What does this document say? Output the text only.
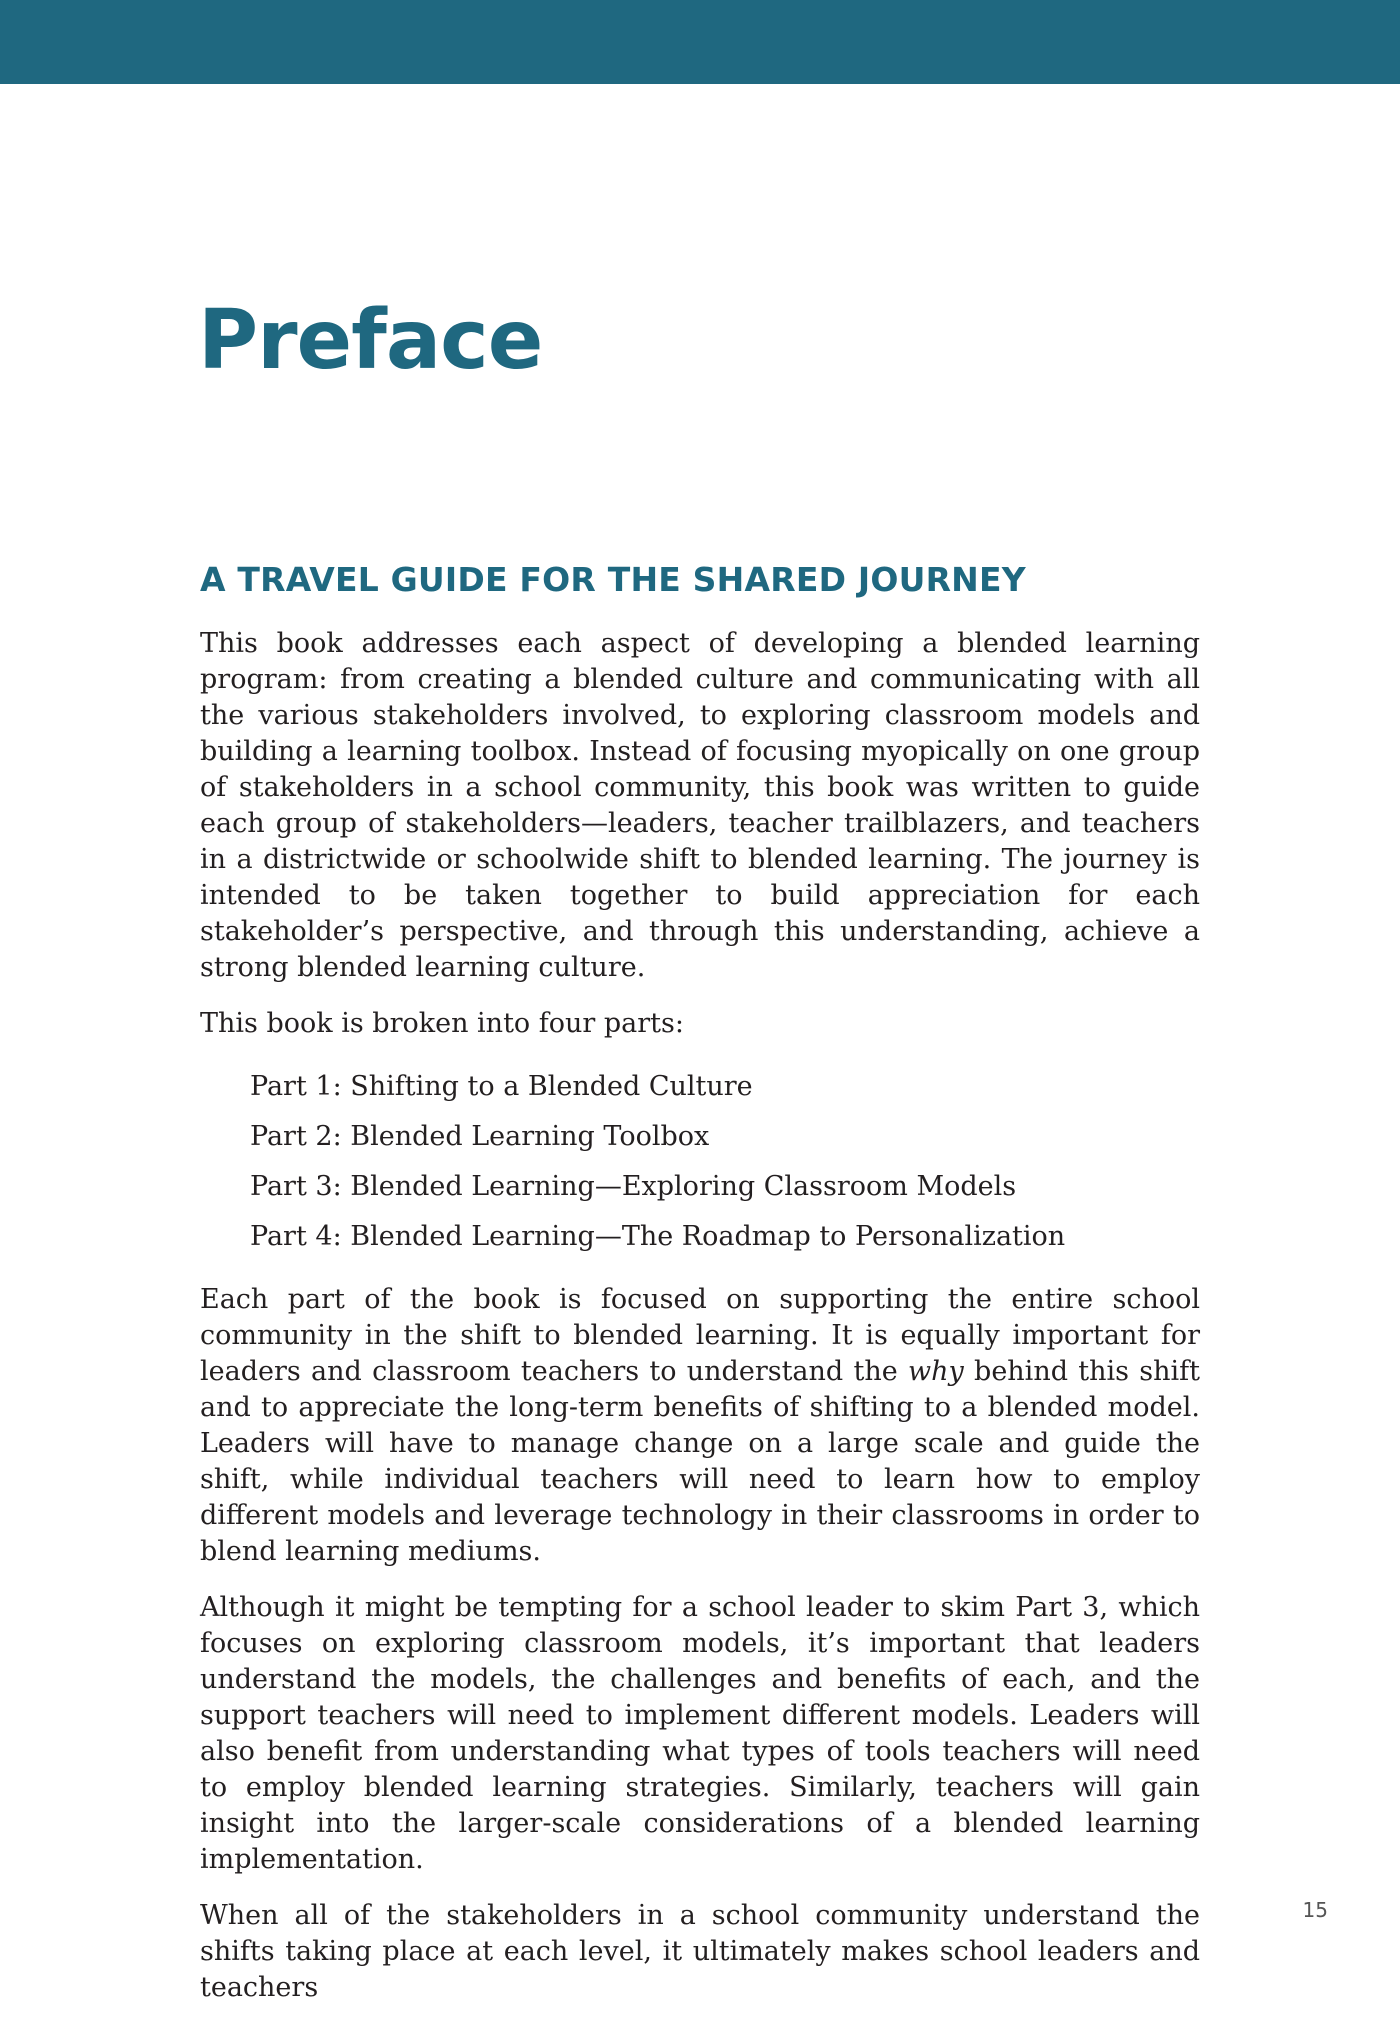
Preface
A TRAVEL GUIDE FOR THE SHARED JOURNEY

This book addresses each aspect of developing a blended learning program: from creating a blended culture and communicating with all the various stakeholders involved, to exploring classroom models and building a learning toolbox. Instead of focusing myopically on one group of stakeholders in a school community, this book was written to guide each group of stakeholders—leaders, teacher trailblazers, and teachers in a districtwide or schoolwide shift to blended learning. The journey is intended to be taken together to build appreciation for each stakeholder’s perspective, and through this understanding, achieve a strong blended learning culture.

This book is broken into four parts:

Part 1: Shifting to a Blended Culture
Part 2: Blended Learning Toolbox
Part 3: Blended Learning—Exploring Classroom Models
Part 4: Blended Learning—The Roadmap to Personalization

Each part of the book is focused on supporting the entire school community in the shift to blended learning. It is equally important for leaders and classroom teachers to understand the why behind this shift and to appreciate the long-term benefits of shifting to a blended model. Leaders will have to manage change on a large scale and guide the shift, while individual teachers will need to learn how to employ different models and leverage technology in their classrooms in order to blend learning mediums.

Although it might be tempting for a school leader to skim Part 3, which focuses on exploring classroom models, it’s important that leaders understand the models, the challenges and benefits of each, and the support teachers will need to implement different models. Leaders will also benefit from understanding what types of tools teachers will need to employ blended learning strategies. Similarly, teachers will gain insight into the larger-scale considerations of a blended learning implementation.

When all of the stakeholders in a school community understand the shifts taking place at each level, it ultimately makes school leaders and teachers

15
